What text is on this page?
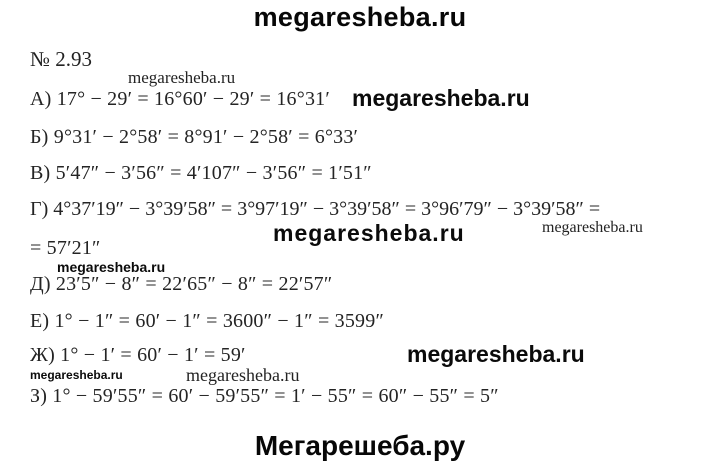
megaresheba.ru
№ 2.93
megaresheba.ru
А) 17° − 29′ = 16°60′ − 29′ = 16°31′ megaresheba.ru
Б) 9°31′ − 2°58′ = 8°91′ − 2°58′ = 6°33′
В) 5′47″ − 3′56″ = 4′107″ − 3′56″ = 1′51″
Г) 4°37′19″ − 3°39′58″ = 3°97′19″ − 3°39′58″ = 3°96′79″ − 3°39′58″ =
megaresheba.ru	megaresheba.ru
= 57′21″
megaresheba.ru
Д) 23′5″ − 8″ = 22′65″ − 8″ = 22′57″
Е) 1° − 1″ = 60′ − 1″ = 3600″ − 1″ = 3599″
Ж) 1° − 1′ = 60′ − 1′ = 59′	megaresheba.ru
megaresheba.ru	megaresheba.ru
З) 1° − 59′55″ = 60′ − 59′55″ = 1′ − 55″ = 60″ − 55″ = 5″
Мегарешеба.ру
